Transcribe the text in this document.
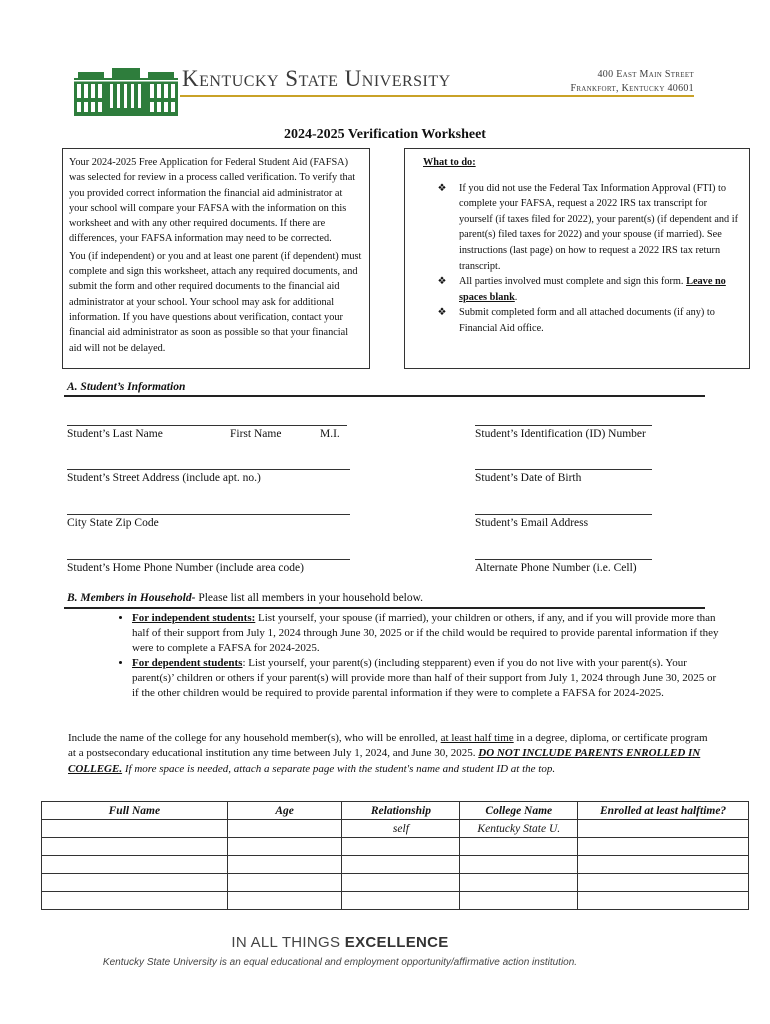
Kentucky State University	400 East Main Street
Frankfort, Kentucky 40601
2024-2025 Verification Worksheet

Your 2024-2025 Free Application for Federal Student Aid (FAFSA) was selected for review in a process called verification. To verify that you provided correct information the financial aid administrator at your school will compare your FAFSA with the information on this worksheet and with any other required documents. If there are differences, your FAFSA information may need to be corrected.

You (if independent) or you and at least one parent (if dependent) must complete and sign this worksheet, attach any required documents, and submit the form and other required documents to the financial aid administrator at your school. Your school may ask for additional information. If you have questions about verification, contact your financial aid administrator as soon as possible so that your financial aid will not be delayed.

What to do:
❖	If you did not use the Federal Tax Information Approval (FTI) to complete your FAFSA, request a 2022 IRS tax transcript for yourself (if taxes filed for 2022), your parent(s) (if dependent and if parent(s) filed taxes for 2022) and your spouse (if married). See instructions (last page) on how to request a 2022 IRS tax return transcript.
❖	All parties involved must complete and sign this form. Leave no spaces blank.
❖	Submit completed form and all attached documents (if any) to Financial Aid office.
A. Student’s Information
Student’s Last Name	First Name	M.I.	Student’s Identification (ID) Number
Student’s Street Address (include apt. no.)	Student’s Date of Birth
City State Zip Code	Student’s Email Address
Student’s Home Phone Number (include area code)	Alternate Phone Number (i.e. Cell)
B. Members in Household- Please list all members in your household below.
• For independent students: List yourself, your spouse (if married), your children or others, if any, and if you will provide more than half of their support from July 1, 2024 through June 30, 2025 or if the child would be required to provide parental information if they were to complete a FAFSA for 2024-2025.
• For dependent students: List yourself, your parent(s) (including stepparent) even if you do not live with your parent(s). Your parent(s)’ children or others if your parent(s) will provide more than half of their support from July 1, 2024 through June 30, 2025 or if the other children would be required to provide parental information if they were to complete a FAFSA for 2024-2025.
Include the name of the college for any household member(s), who will be enrolled, at least half time in a degree, diploma, or certificate program at a postsecondary educational institution any time between July 1, 2024, and June 30, 2025. DO NOT INCLUDE PARENTS ENROLLED IN COLLEGE. If more space is needed, attach a separate page with the student's name and student ID at the top.
Full Name	Age	Relationship	College Name	Enrolled at least halftime?
		self	Kentucky State U.	

IN ALL THINGS EXCELLENCE
Kentucky State University is an equal educational and employment opportunity/affirmative action institution.
